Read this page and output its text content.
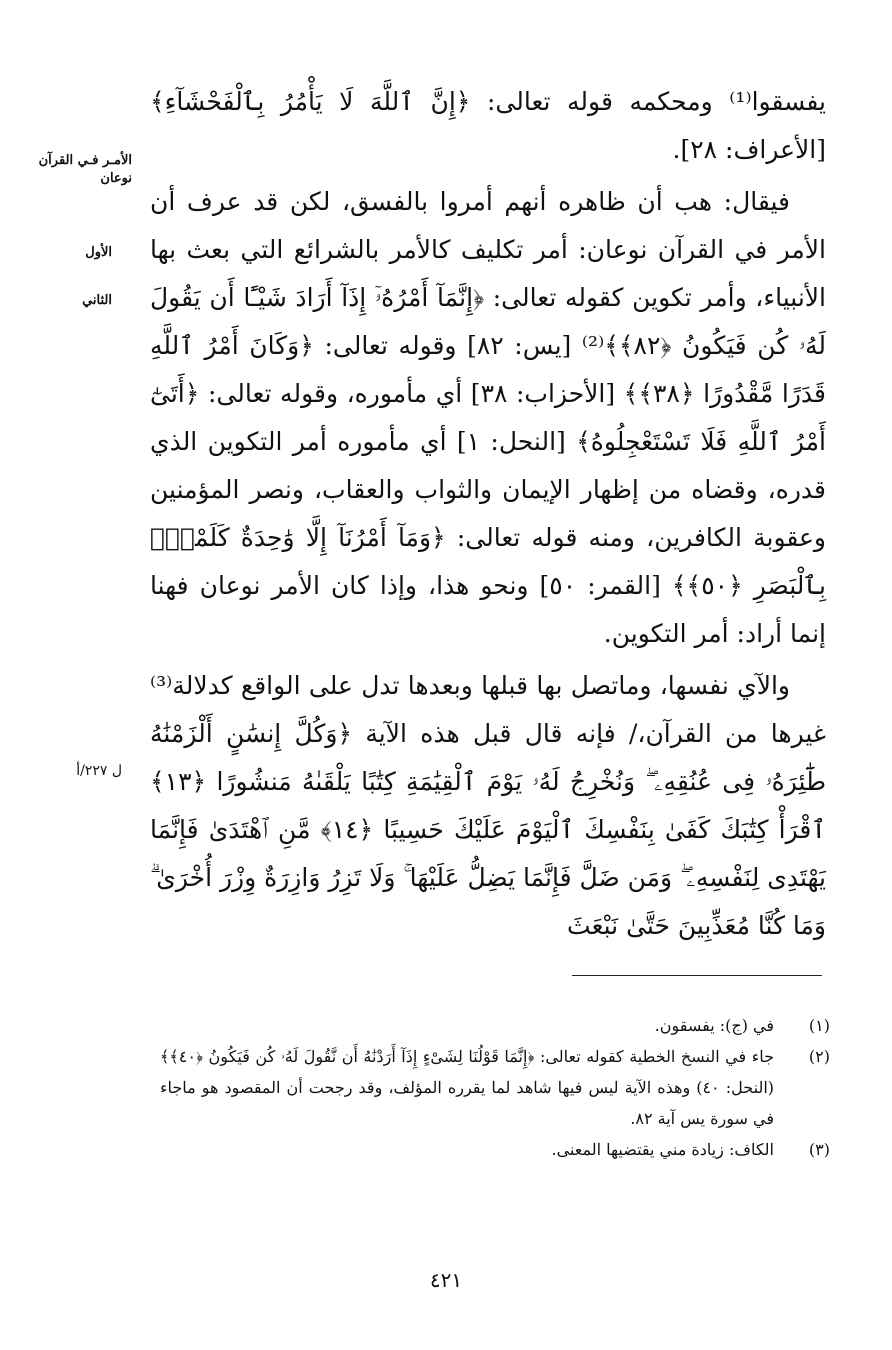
يفسقوا⁽¹⁾ ومحكمه قوله تعالى: ﴿إِنَّ ٱللَّهَ لَا يَأْمُرُ بِٱلْفَحْشَآءِ﴾ [الأعراف: ٢٨].

فيقال: هب أن ظاهره أنهم أمروا بالفسق، لكن قد عرف أن الأمر في القرآن نوعان: أمر تكليف كالأمر بالشرائع التي بعث بها الأنبياء، وأمر تكوين كقوله تعالى: ﴿إِنَّمَآ أَمْرُهُۥٓ إِذَآ أَرَادَ شَيْـًٔا أَن يَقُولَ لَهُۥ كُن فَيَكُونُ ﴿٨٢﴾﴾⁽²⁾ [يس: ٨٢] وقوله تعالى: ﴿وَكَانَ أَمْرُ ٱللَّهِ قَدَرًا مَّقْدُورًا ﴿٣٨﴾﴾ [الأحزاب: ٣٨] أي مأموره، وقوله تعالى: ﴿أَتَىٰٓ أَمْرُ ٱللَّهِ فَلَا تَسْتَعْجِلُوهُ﴾ [النحل: ١] أي مأموره أمر التكوين الذي قدره، وقضاه من إظهار الإيمان والثواب والعقاب، ونصر المؤمنين وعقوبة الكافرين، ومنه قوله تعالى: ﴿وَمَآ أَمْرُنَآ إِلَّا وَٰحِدَةٌ كَلَمْحٍۭ بِٱلْبَصَرِ ﴿٥٠﴾﴾ [القمر: ٥٠] ونحو هذا، وإذا كان الأمر نوعان فهنا إنما أراد: أمر التكوين.

والآي نفسها، وماتصل بها قبلها وبعدها تدل على الواقع كدلالة⁽³⁾ غيرها من القرآن،/ فإنه قال قبل هذه الآية ﴿وَكُلَّ إِنسَٰنٍ أَلْزَمْنَٰهُ طَٰٓئِرَهُۥ فِى عُنُقِهِۦ ۖ وَنُخْرِجُ لَهُۥ يَوْمَ ٱلْقِيَٰمَةِ كِتَٰبًا يَلْقَىٰهُ مَنشُورًا ﴿١٣﴾ ٱقْرَأْ كِتَٰبَكَ كَفَىٰ بِنَفْسِكَ ٱلْيَوْمَ عَلَيْكَ حَسِيبًا ﴿١٤﴾ مَّنِ ٱهْتَدَىٰ فَإِنَّمَا يَهْتَدِى لِنَفْسِهِۦ ۖ وَمَن ضَلَّ فَإِنَّمَا يَضِلُّ عَلَيْهَا ۚ وَلَا تَزِرُ وَازِرَةٌ وِزْرَ أُخْرَىٰ ۗ وَمَا كُنَّا مُعَذِّبِينَ حَتَّىٰ نَبْعَثَ

الأمـر فـي القرآن نوعان
الأول
الثاني
ل ٢٢٧/أ
(١)
في (ج): يفسقون.
(٢)
جاء في النسخ الخطية كقوله تعالى: ﴿إِنَّمَا قَوْلُنَا لِشَىْءٍ إِذَآ أَرَدْنَٰهُ أَن نَّقُولَ لَهُۥ كُن فَيَكُونُ ﴿٤٠﴾﴾ (النحل: ٤٠) وهذه الآية ليس فيها شاهد لما يقرره المؤلف، وقد رجحت أن المقصود هو ماجاء في سورة يس آية ٨٢.
(٣)
الكاف: زيادة مني يقتضيها المعنى.
٤٢١
